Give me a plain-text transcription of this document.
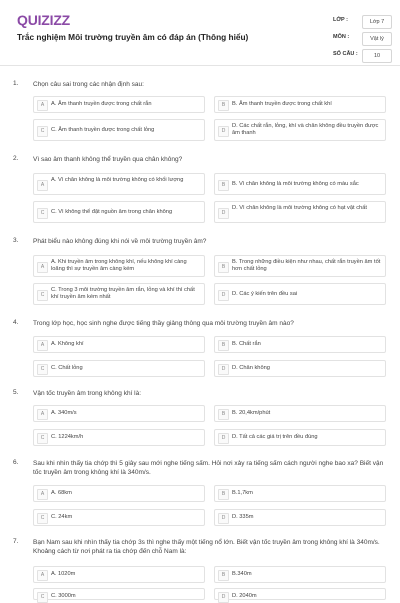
QUIZIZZ
Trắc nghiệm Môi trường truyền âm có đáp án (Thông hiểu)
LỚP :	Lớp 7
MÔN :	Vật lý
SỐ CÂU :	10
1. Chọn câu sai trong các nhận định sau:
A	A. Âm thanh truyền được trong chất rắn	B	B. Âm thanh truyền được trong chất khí
C	C. Âm thanh truyền được trong chất lỏng	D
D. Các chất rắn, lỏng, khí và chân không đều truyền được âm thanh
2. Vì sao âm thanh không thể truyền qua chân không?
A
A. Vì chân không là môi trường không có khối lượng
B	B. Vì chân không là môi trường không có màu sắc
C	C. Vì không thể đặt nguồn âm trong chân không	D
D. Vì chân không là môi trường không có hạt vật chất
3. Phát biểu nào không đúng khi nói về môi trường truyền âm?
A
A. Khi truyền âm trong không khí, nếu không khí càng loãng thì sự truyền âm càng kém	B
B. Trong những điều kiện như nhau, chất rắn truyền âm tốt hơn chất lỏng
C
C. Trong 3 môi trường truyền âm rắn, lỏng và khí thì chất khí truyền âm kém nhất	D	D. Các ý kiến trên đều sai
4. Trong lớp học, học sinh nghe được tiếng thầy giảng thông qua môi trường truyền âm nào?
A	A. Không khí	B	B. Chất rắn
C	C. Chất lỏng	D	D. Chân không
5. Vận tốc truyền âm trong không khí là:
A	A. 340m/s	B	B. 20,4km/phút
C	C. 1224km/h	D	D. Tất cả các giá trị trên đều đúng
6. Sau khi nhìn thấy tia chớp thì 5 giây sau mới nghe tiếng sấm. Hỏi nơi xảy ra tiếng sấm cách người nghe bao xa? Biết vận tốc truyền âm trong không khí là 340m/s.
A	A. 68km	B	B.1,7km
C	C. 24km	D	D. 335m
7. Bạn Nam sau khi nhìn thấy tia chớp 3s thì nghe thấy một tiếng nổ lớn. Biết vận tốc truyền âm trong không khí là 340m/s. Khoảng cách từ nơi phát ra tia chớp đến chỗ Nam là:
A	A. 1020m	B	B.340m
C	C. 3000m	D	D. 2040m
